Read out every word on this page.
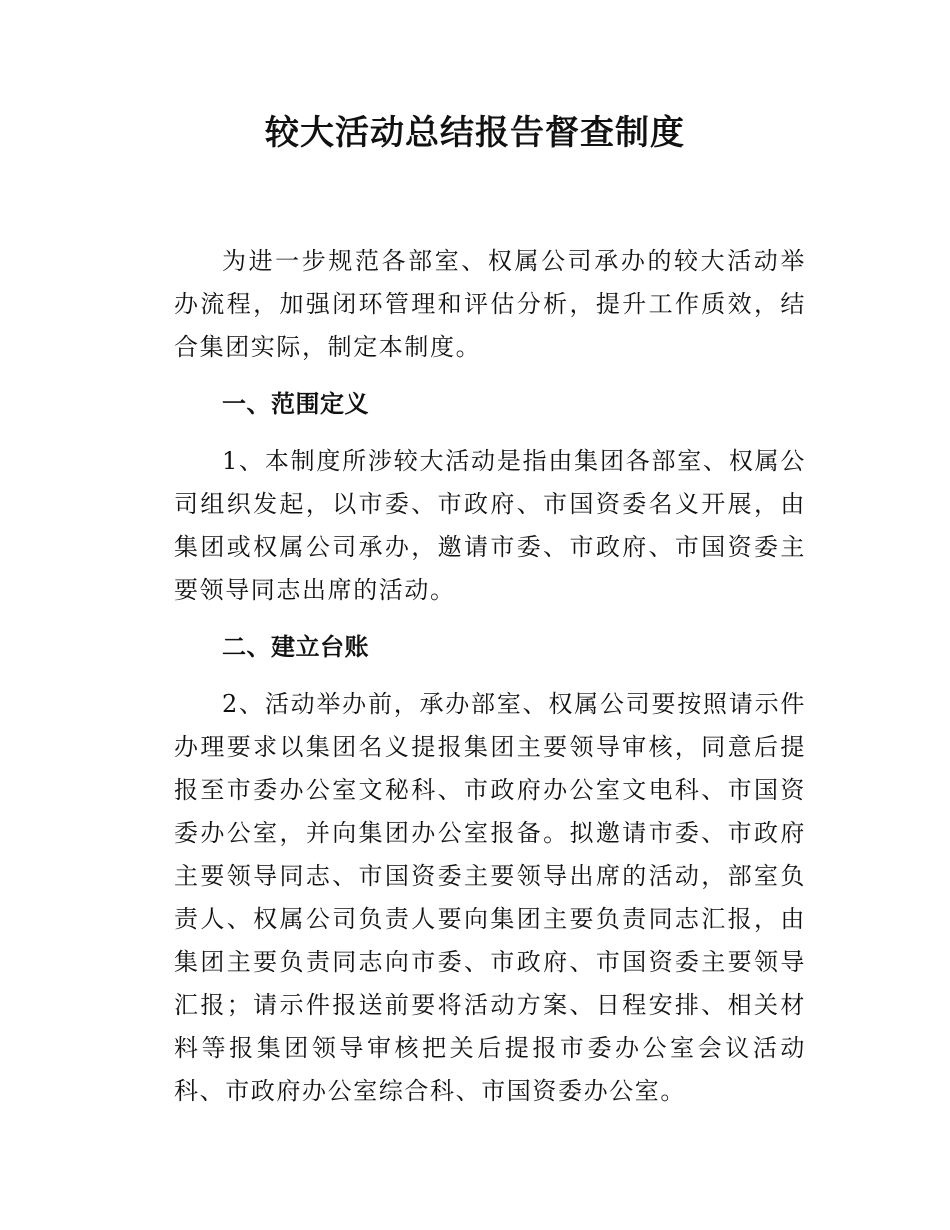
较大活动总结报告督查制度

为进一步规范各部室、权属公司承办的较大活动举办流程，加强闭环管理和评估分析，提升工作质效，结合集团实际，制定本制度。

一、范围定义

1、本制度所涉较大活动是指由集团各部室、权属公司组织发起，以市委、市政府、市国资委名义开展，由集团或权属公司承办，邀请市委、市政府、市国资委主要领导同志出席的活动。

二、建立台账

2、活动举办前，承办部室、权属公司要按照请示件办理要求以集团名义提报集团主要领导审核，同意后提报至市委办公室文秘科、市政府办公室文电科、市国资委办公室，并向集团办公室报备。拟邀请市委、市政府主要领导同志、市国资委主要领导出席的活动，部室负责人、权属公司负责人要向集团主要负责同志汇报，由集团主要负责同志向市委、市政府、市国资委主要领导汇报；请示件报送前要将活动方案、日程安排、相关材料等报集团领导审核把关后提报市委办公室会议活动科、市政府办公室综合科、市国资委办公室。
